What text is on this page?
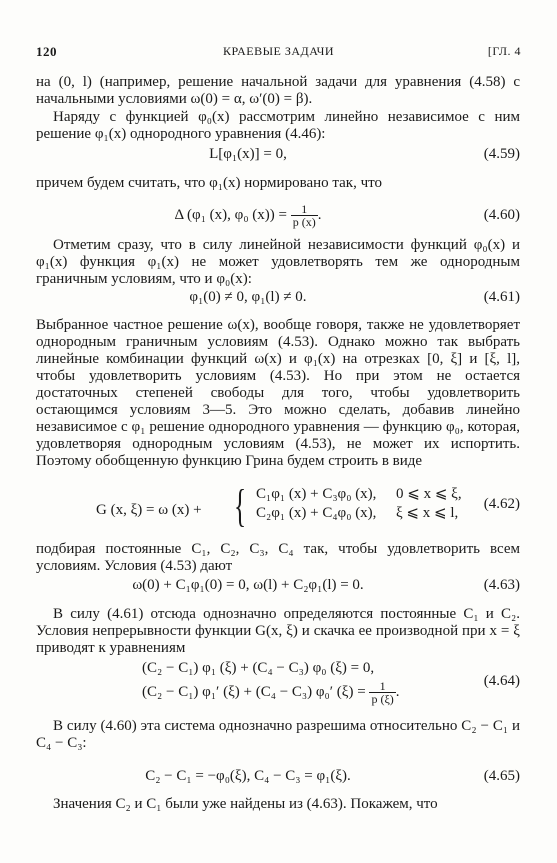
120	КРАЕВЫЕ ЗАДАЧИ	[ГЛ. 4

на (0, l) (например, решение начальной задачи для уравнения (4.58) с начальными условиями ω(0) = α, ω′(0) = β).

Наряду с функцией φ₀(x) рассмотрим линейно независимое с ним решение φ₁(x) однородного уравнения (4.46):

L[φ₁(x)] = 0,	(4.59)

причем будем считать, что φ₁(x) нормировано так, что

Δ (φ₁ (x), φ₀ $(x)) = \frac{1}{p (x)}$ .	(4.60)

Отметим сразу, что в силу линейной независимости функций φ₀(x) и φ₁(x) функция φ₁(x) не может удовлетворять тем же однородным граничным условиям, что и φ₀(x):

φ₁(0) ≠ 0, φ₁(l) ≠ 0.	(4.61)

Выбранное частное решение ω(x), вообще говоря, также не удовлетворяет однородным граничным условиям (4.53). Однако можно так выбрать линейные комбинации функций ω(x) и φ₁(x) на отрезках [0, ξ] и [ξ, l], чтобы удовлетворить условиям (4.53). Но при этом не остается достаточных степеней свободы для того, чтобы удовлетворить остающимся условиям 3—5. Это можно сделать, добавив линейно независимое с φ₁ решение однородного уравнения — функцию φ₀, которая, удовлетворяя однородным условиям (4.53), не может их испортить. Поэтому обобщенную функцию Грина будем строить в виде

G (x, ξ) = ω (x) + { C₁φ₁ (x) + C₃φ₀ (x), 0 ⩽ x ⩽ ξ,
C₂φ₁ (x) + C₄φ₀ (x), ξ ⩽ x ⩽ l,
(4.62)

подбирая постоянные C₁, C₂, C₃, C₄ так, чтобы удовлетворить всем условиям. Условия (4.53) дают

ω(0) + C₁φ₁(0) = 0, ω(l) + C₂φ₁(l) = 0.	(4.63)

В силу (4.61) отсюда однозначно определяются постоянные C₁ и C₂. Условия непрерывности функции G(x, ξ) и скачка ее производной при x = ξ приводят к уравнениям

(C₂ − C₁) φ₁ (ξ) + (C₄ − C₃) φ₀ (ξ) = 0,
(C₂ − C₁) φ₁′ (ξ) + (C₄ − C₃) φ₀′ $(\xi) = \frac{1}{p (\xi)}$ .
(4.64)

В силу (4.60) эта система однозначно разрешима относительно C₂ − C₁ и C₄ − C₃:

C₂ − C₁ = −φ₀(ξ), C₄ − C₃ = φ₁(ξ).	(4.65)

Значения C₂ и C₁ были уже найдены из (4.63). Покажем, что
